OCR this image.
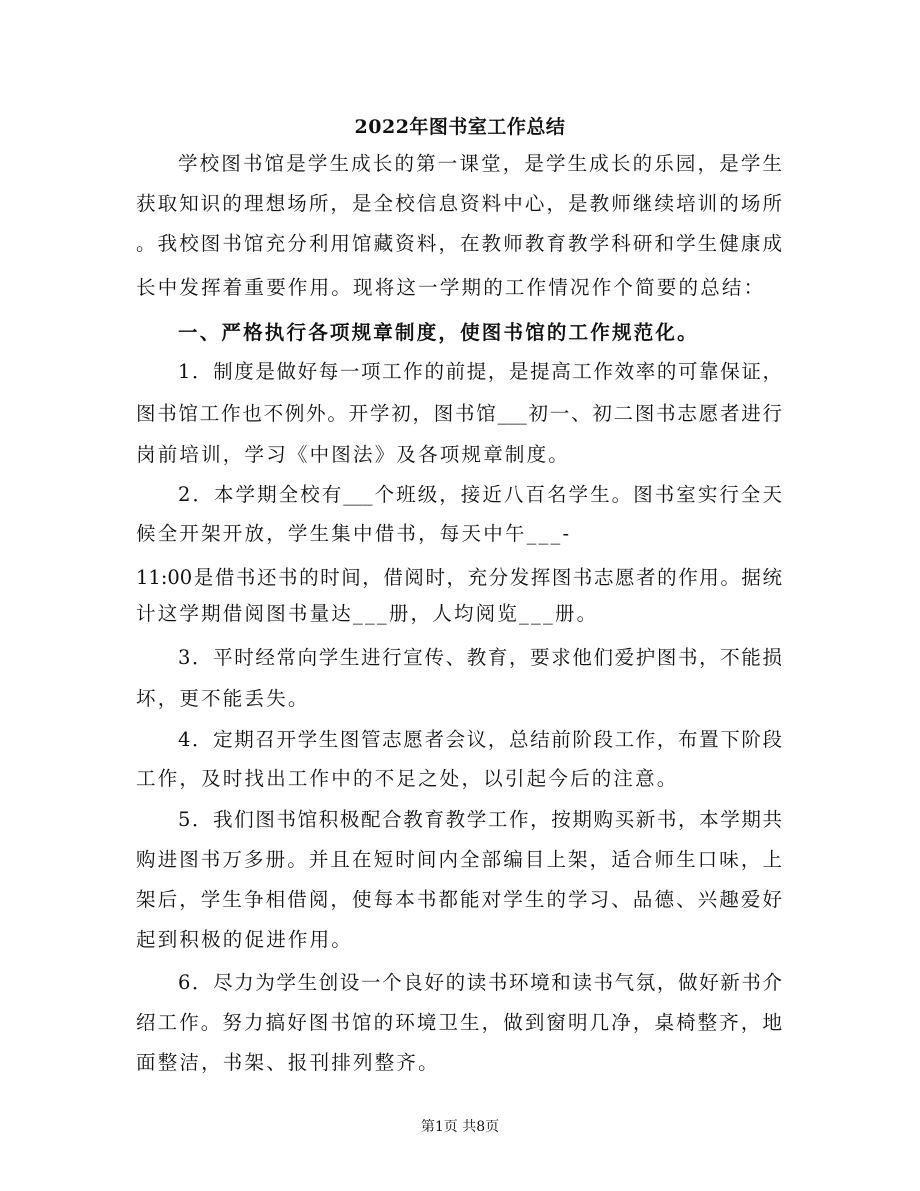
2022年图书室工作总结
学校图书馆是学生成长的第一课堂，是学生成长的乐园，是学生
获取知识的理想场所，是全校信息资料中心，是教师继续培训的场所
。我校图书馆充分利用馆藏资料，在教师教育教学科研和学生健康成
长中发挥着重要作用。现将这一学期的工作情况作个简要的总结：
一、严格执行各项规章制度，使图书馆的工作规范化。
1．制度是做好每一项工作的前提，是提高工作效率的可靠保证，
图书馆工作也不例外。开学初，图书馆___初一、初二图书志愿者进行
岗前培训，学习《中图法》及各项规章制度。
2．本学期全校有___个班级，接近八百名学生。图书室实行全天
候全开架开放，学生集中借书，每天中午___-
11:00是借书还书的时间，借阅时，充分发挥图书志愿者的作用。据统
计这学期借阅图书量达___册，人均阅览___册。
3．平时经常向学生进行宣传、教育，要求他们爱护图书，不能损
坏，更不能丢失。
4．定期召开学生图管志愿者会议，总结前阶段工作，布置下阶段
工作，及时找出工作中的不足之处，以引起今后的注意。
5．我们图书馆积极配合教育教学工作，按期购买新书，本学期共
购进图书万多册。并且在短时间内全部编目上架，适合师生口味，上
架后，学生争相借阅，使每本书都能对学生的学习、品德、兴趣爱好
起到积极的促进作用。
6．尽力为学生创设一个良好的读书环境和读书气氛，做好新书介
绍工作。努力搞好图书馆的环境卫生，做到窗明几净，桌椅整齐，地
面整洁，书架、报刊排列整齐。
第1页 共8页
